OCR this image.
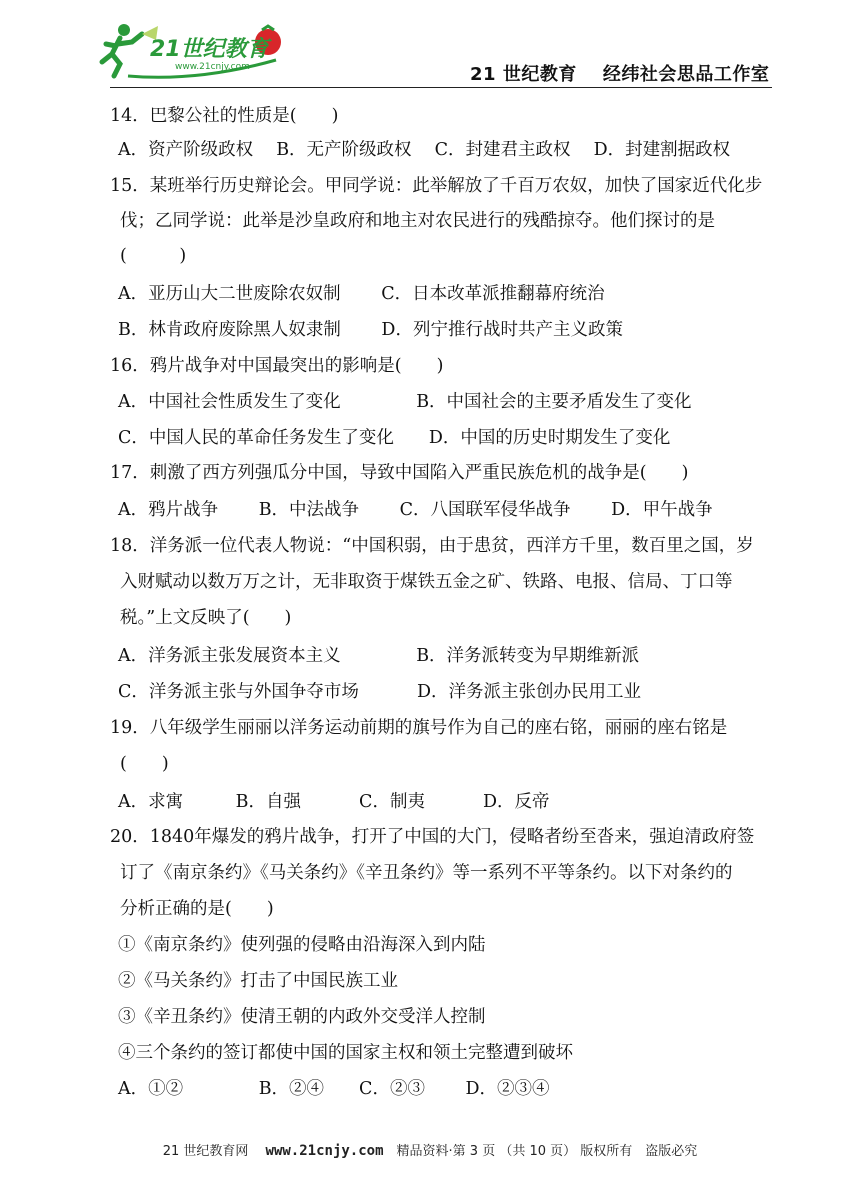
21世纪教育
www.21cnjy.com	21 世纪教育 经纬社会思品工作室
14．巴黎公社的性质是(　　)
A．资产阶级政权　 B．无产阶级政权　 C．封建君主政权　 D．封建割据政权
15．某班举行历史辩论会。甲同学说：此举解放了千百万农奴，加快了国家近代化步
伐；乙同学说：此举是沙皇政府和地主对农民进行的残酷掠夺。他们探讨的是
(　　　)
A．亚历山大二世废除农奴制　　 C．日本改革派推翻幕府统治
B．林肯政府废除黑人奴隶制　　 D．列宁推行战时共产主义政策
16．鸦片战争对中国最突出的影响是(　　)
A．中国社会性质发生了变化　　　　 B．中国社会的主要矛盾发生了变化
C．中国人民的革命任务发生了变化　　D．中国的历史时期发生了变化
17．刺激了西方列强瓜分中国，导致中国陷入严重民族危机的战争是(　　)
A．鸦片战争　　 B．中法战争　　 C．八国联军侵华战争　　 D．甲午战争
18．洋务派一位代表人物说：“中国积弱，由于患贫，西洋方千里，数百里之国，岁
入财赋动以数万万之计，无非取资于煤铁五金之矿、铁路、电报、信局、丁口等
税。”上文反映了(　　)
A．洋务派主张发展资本主义　　　　 B．洋务派转变为早期维新派
C．洋务派主张与外国争夺市场　　　 D．洋务派主张创办民用工业
19．八年级学生丽丽以洋务运动前期的旗号作为自己的座右铭，丽丽的座右铭是
(　　)
A．求寓　　　B．自强　　　 C．制夷　　　 D．反帝
20．1840年爆发的鸦片战争，打开了中国的大门，侵略者纷至沓来，强迫清政府签
订了《南京条约》《马关条约》《辛丑条约》等一系列不平等条约。以下对条约的
分析正确的是(　　)
①《南京条约》使列强的侵略由沿海深入到内陆
②《马关条约》打击了中国民族工业
③《辛丑条约》使清王朝的内政外交受洋人控制
④三个条约的签订都使中国的国家主权和领土完整遭到破坏
A．①②　　　　 B．②④　　C．②③　　 D．②③④
21 世纪教育网　 www.21cnjy.com　 精品资料·第 3 页 （共 10 页） 版权所有　盗版必究
